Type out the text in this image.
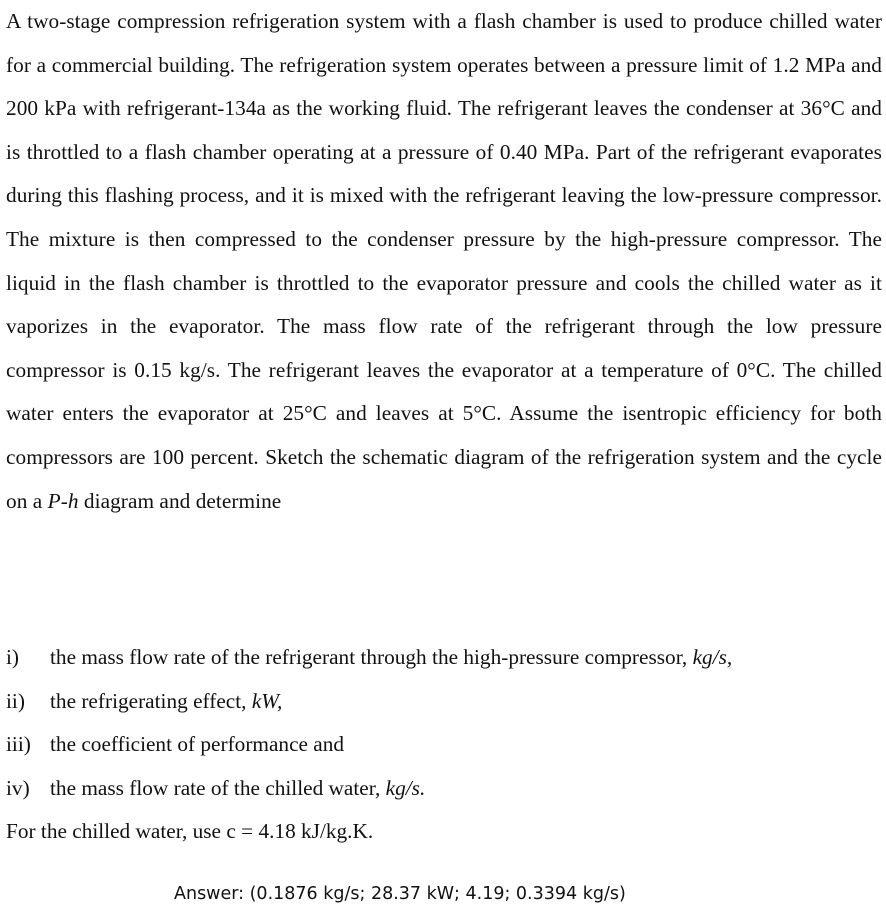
A two-stage compression refrigeration system with a flash chamber is used to produce chilled water for a commercial building. The refrigeration system operates between a pressure limit of 1.2 MPa and 200 kPa with refrigerant-134a as the working fluid. The refrigerant leaves the condenser at 36°C and is throttled to a flash chamber operating at a pressure of 0.40 MPa. Part of the refrigerant evaporates during this flashing process, and it is mixed with the refrigerant leaving the low-pressure compressor. The mixture is then compressed to the condenser pressure by the high-pressure compressor. The liquid in the flash chamber is throttled to the evaporator pressure and cools the chilled water as it vaporizes in the evaporator. The mass flow rate of the refrigerant through the low pressure compressor is 0.15 kg/s. The refrigerant leaves the evaporator at a temperature of 0°C. The chilled water enters the evaporator at 25°C and leaves at 5°C. Assume the isentropic efficiency for both compressors are 100 percent. Sketch the schematic diagram of the refrigeration system and the cycle on a P-h diagram and determine

i)	the mass flow rate of the refrigerant through the high-pressure compressor, kg/s,
ii)	the refrigerating effect, kW,
iii) the coefficient of performance and
iv) the mass flow rate of the chilled water, kg/s.
For the chilled water, use c = 4.18 kJ/kg.K.
Answer: (0.1876 kg/s; 28.37 kW; 4.19; 0.3394 kg/s)
